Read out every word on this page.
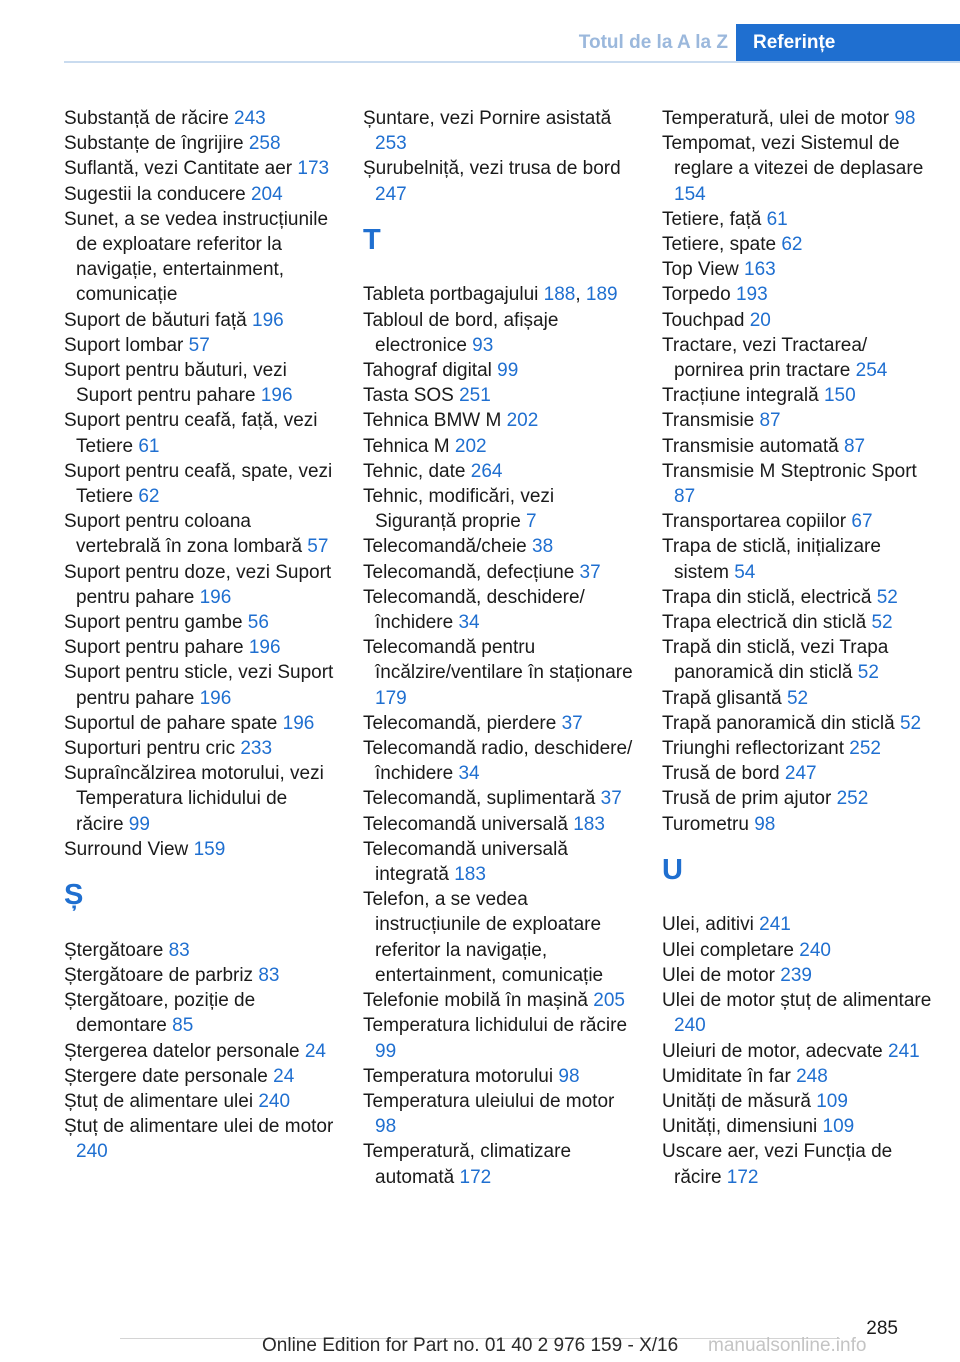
Totul de la A la Z	Referințe
Substanță de răcire 243
Substanțe de îngrijire 258
Suflantă, vezi Cantitate aer 173
Sugestii la conducere 204
Sunet, a se vedea instrucțiunile de exploatare referitor la navigație, entertainment, comunicație
Suport de băuturi față 196
Suport lombar 57
Suport pentru băuturi, vezi Suport pentru pahare 196
Suport pentru ceafă, față, vezi Tetiere 61
Suport pentru ceafă, spate, vezi Tetiere 62
Suport pentru coloana vertebrală în zona lombară 57
Suport pentru doze, vezi Suport pentru pahare 196
Suport pentru gambe 56
Suport pentru pahare 196
Suport pentru sticle, vezi Suport pentru pahare 196
Suportul de pahare spate 196
Suporturi pentru cric 233
Supraîncălzirea motorului, vezi Temperatura lichidului de răcire 99
Surround View 159
Ș
Ștergătoare 83
Ștergătoare de parbriz 83
Ștergătoare, poziție de demontare 85
Ștergerea datelor personale 24
Ștergere date personale 24
Ștuț de alimentare ulei 240
Ștuț de alimentare ulei de motor 240
Șuntare, vezi Pornire asistată 253
Șurubelniță, vezi trusa de bord 247
T
Tableta portbagajului 188, 189
Tabloul de bord, afișaje electronice 93
Tahograf digital 99
Tasta SOS 251
Tehnica BMW M 202
Tehnica M 202
Tehnic, date 264
Tehnic, modificări, vezi Siguranță proprie 7
Telecomandă/cheie 38
Telecomandă, defecțiune 37
Telecomandă, deschidere/ închidere 34
Telecomandă pentru încălzire/ventilare în staționare 179
Telecomandă, pierdere 37
Telecomandă radio, deschidere/închidere 34
Telecomandă, suplimentară 37
Telecomandă universală 183
Telecomandă universală integrată 183
Telefon, a se vedea instrucțiunile de exploatare referitor la navigație, entertainment, comunicație
Telefonie mobilă în mașină 205
Temperatura lichidului de răcire 99
Temperatura motorului 98
Temperatura uleiului de motor 98
Temperatură, climatizare automată 172
Temperatură, ulei de motor 98
Tempomat, vezi Sistemul de reglare a vitezei de deplasare 154
Tetiere, față 61
Tetiere, spate 62
Top View 163
Torpedo 193
Touchpad 20
Tractare, vezi Tractarea/ pornirea prin tractare 254
Tracțiune integrală 150
Transmisie 87
Transmisie automată 87
Transmisie M Steptronic Sport 87
Transportarea copiilor 67
Trapa de sticlă, inițializare sistem 54
Trapa din sticlă, electrică 52
Trapa electrică din sticlă 52
Trapă din sticlă, vezi Trapa panoramică din sticlă 52
Trapă glisantă 52
Trapă panoramică din sticlă 52
Triunghi reflectorizant 252
Trusă de bord 247
Trusă de prim ajutor 252
Turometru 98
U
Ulei, aditivi 241
Ulei completare 240
Ulei de motor 239
Ulei de motor ștuț de alimentare 240
Uleiuri de motor, adecvate 241
Umiditate în far 248
Unități de măsură 109
Unități, dimensiuni 109
Uscare aer, vezi Funcția de răcire 172
285
Online Edition for Part no. 01 40 2 976 159 - X/16 manualsonline.info
